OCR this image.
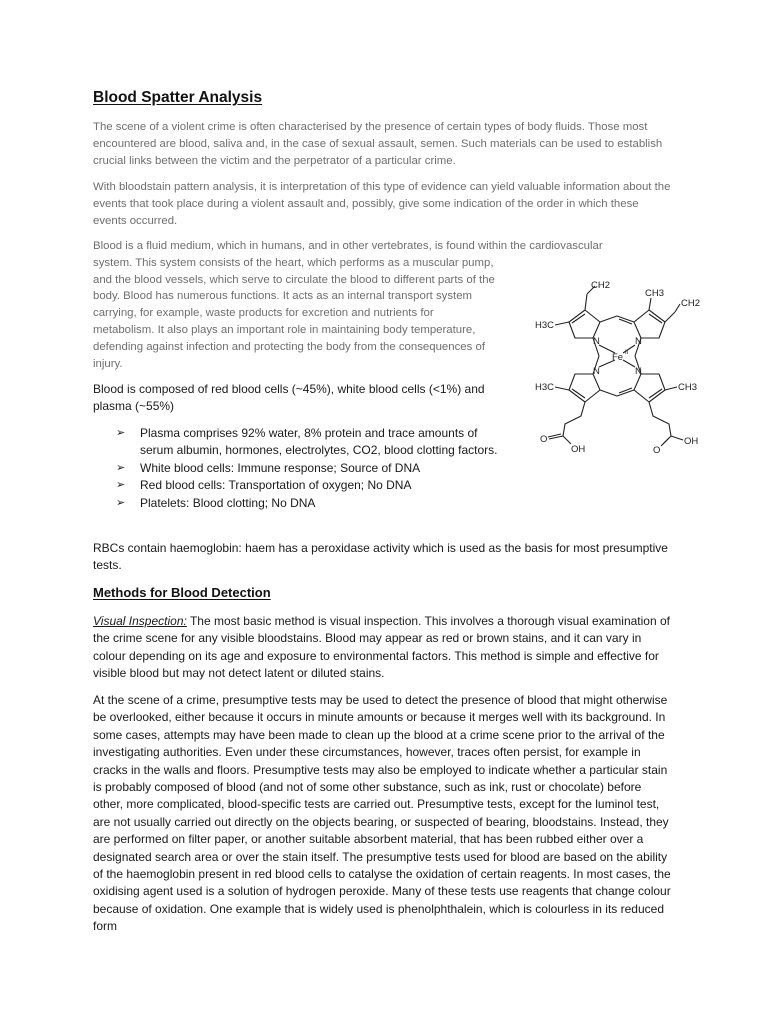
Blood Spatter Analysis

The scene of a violent crime is often characterised by the presence of certain types of body fluids. Those most encountered are blood, saliva and, in the case of sexual assault, semen. Such materials can be used to establish crucial links between the victim and the perpetrator of a particular crime.

With bloodstain pattern analysis, it is interpretation of this type of evidence can yield valuable information about the events that took place during a violent assault and, possibly, give some indication of the order in which these events occurred.

Blood is a fluid medium, which in humans, and in other vertebrates, is found within the cardiovascular
system. This system consists of the heart, which performs as a muscular pump, and the blood vessels, which serve to circulate the blood to different parts of the body. Blood has numerous functions. It acts as an internal transport system carrying, for example, waste products for excretion and nutrients for metabolism. It also plays an important role in maintaining body temperature, defending against infection and protecting the body from the consequences of injury.

Blood is composed of red blood cells (~45%), white blood cells (<1%) and plasma (~55%)

➢ Plasma comprises 92% water, 8% protein and trace amounts of serum albumin, hormones, electrolytes, CO2, blood clotting factors.
➢ White blood cells: Immune response; Source of DNA
➢ Red blood cells: Transportation of oxygen; No DNA
➢ Platelets: Blood clotting; No DNA

RBCs contain haemoglobin: haem has a peroxidase activity which is used as the basis for most presumptive tests.

Methods for Blood Detection

Visual Inspection: The most basic method is visual inspection. This involves a thorough visual examination of the crime scene for any visible bloodstains. Blood may appear as red or brown stains, and it can vary in colour depending on its age and exposure to environmental factors. This method is simple and effective for visible blood but may not detect latent or diluted stains.

At the scene of a crime, presumptive tests may be used to detect the presence of blood that might otherwise be overlooked, either because it occurs in minute amounts or because it merges well with its background. In some cases, attempts may have been made to clean up the blood at a crime scene prior to the arrival of the investigating authorities. Even under these circumstances, however, traces often persist, for example in cracks in the walls and floors. Presumptive tests may also be employed to indicate whether a particular stain is probably composed of blood (and not of some other substance, such as ink, rust or chocolate) before other, more complicated, blood-specific tests are carried out. Presumptive tests, except for the luminol test, are not usually carried out directly on the objects bearing, or suspected of bearing, bloodstains. Instead, they are performed on filter paper, or another suitable absorbent material, that has been rubbed either over a designated search area or over the stain itself. The presumptive tests used for blood are based on the ability of the haemoglobin present in red blood cells to catalyse the oxidation of certain reagents. In most cases, the oxidising agent used is a solution of hydrogen peroxide. Many of these tests use reagents that change colour because of oxidation. One example that is widely used is phenolphthalein, which is colourless in its reduced form

CH2
CH3
CH2
H3C
H3C	CH3
N	N
N	N
Fe II
O
OH	O
OH
